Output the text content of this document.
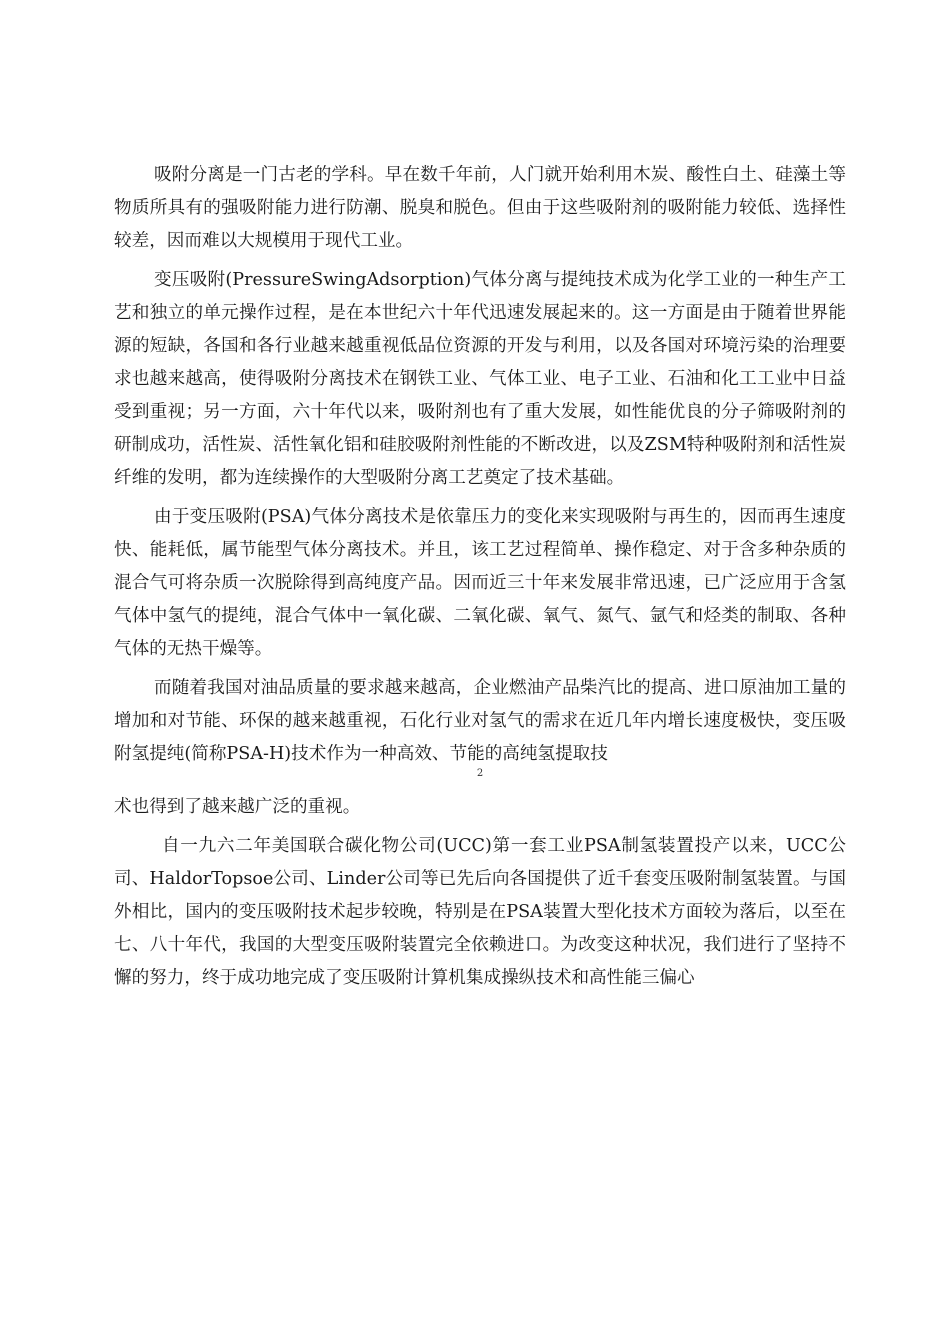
吸附分离是一门古老的学科。早在数千年前，人门就开始利用木炭、酸性白土、硅藻土等物质所具有的强吸附能力进行防潮、脱臭和脱色。但由于这些吸附剂的吸附能力较低、选择性较差，因而难以大规模用于现代工业。

变压吸附(PressureSwingAdsorption)气体分离与提纯技术成为化学工业的一种生产工艺和独立的单元操作过程，是在本世纪六十年代迅速发展起来的。这一方面是由于随着世界能源的短缺，各国和各行业越来越重视低品位资源的开发与利用，以及各国对环境污染的治理要求也越来越高，使得吸附分离技术在钢铁工业、气体工业、电子工业、石油和化工工业中日益受到重视；另一方面，六十年代以来，吸附剂也有了重大发展，如性能优良的分子筛吸附剂的研制成功，活性炭、活性氧化铝和硅胶吸附剂性能的不断改进，以及ZSM特种吸附剂和活性炭纤维的发明，都为连续操作的大型吸附分离工艺奠定了技术基础。

由于变压吸附(PSA)气体分离技术是依靠压力的变化来实现吸附与再生的，因而再生速度快、能耗低，属节能型气体分离技术。并且，该工艺过程简单、操作稳定、对于含多种杂质的混合气可将杂质一次脱除得到高纯度产品。因而近三十年来发展非常迅速，已广泛应用于含氢气体中氢气的提纯，混合气体中一氧化碳、二氧化碳、氧气、氮气、氩气和烃类的制取、各种气体的无热干燥等。

而随着我国对油品质量的要求越来越高，企业燃油产品柴汽比的提高、进口原油加工量的增加和对节能、环保的越来越重视，石化行业对氢气的需求在近几年内增长速度极快，变压吸附氢提纯(简称PSA-H)技术作为一种高效、节能的高纯氢提取技

2

术也得到了越来越广泛的重视。

自一九六二年美国联合碳化物公司(UCC)第一套工业PSA制氢装置投产以来，UCC公司、HaldorTopsoe公司、Linder公司等已先后向各国提供了近千套变压吸附制氢装置。与国外相比，国内的变压吸附技术起步较晚，特别是在PSA装置大型化技术方面较为落后，以至在七、八十年代，我国的大型变压吸附装置完全依赖进口。为改变这种状况，我们进行了坚持不懈的努力，终于成功地完成了变压吸附计算机集成操纵技术和高性能三偏心
